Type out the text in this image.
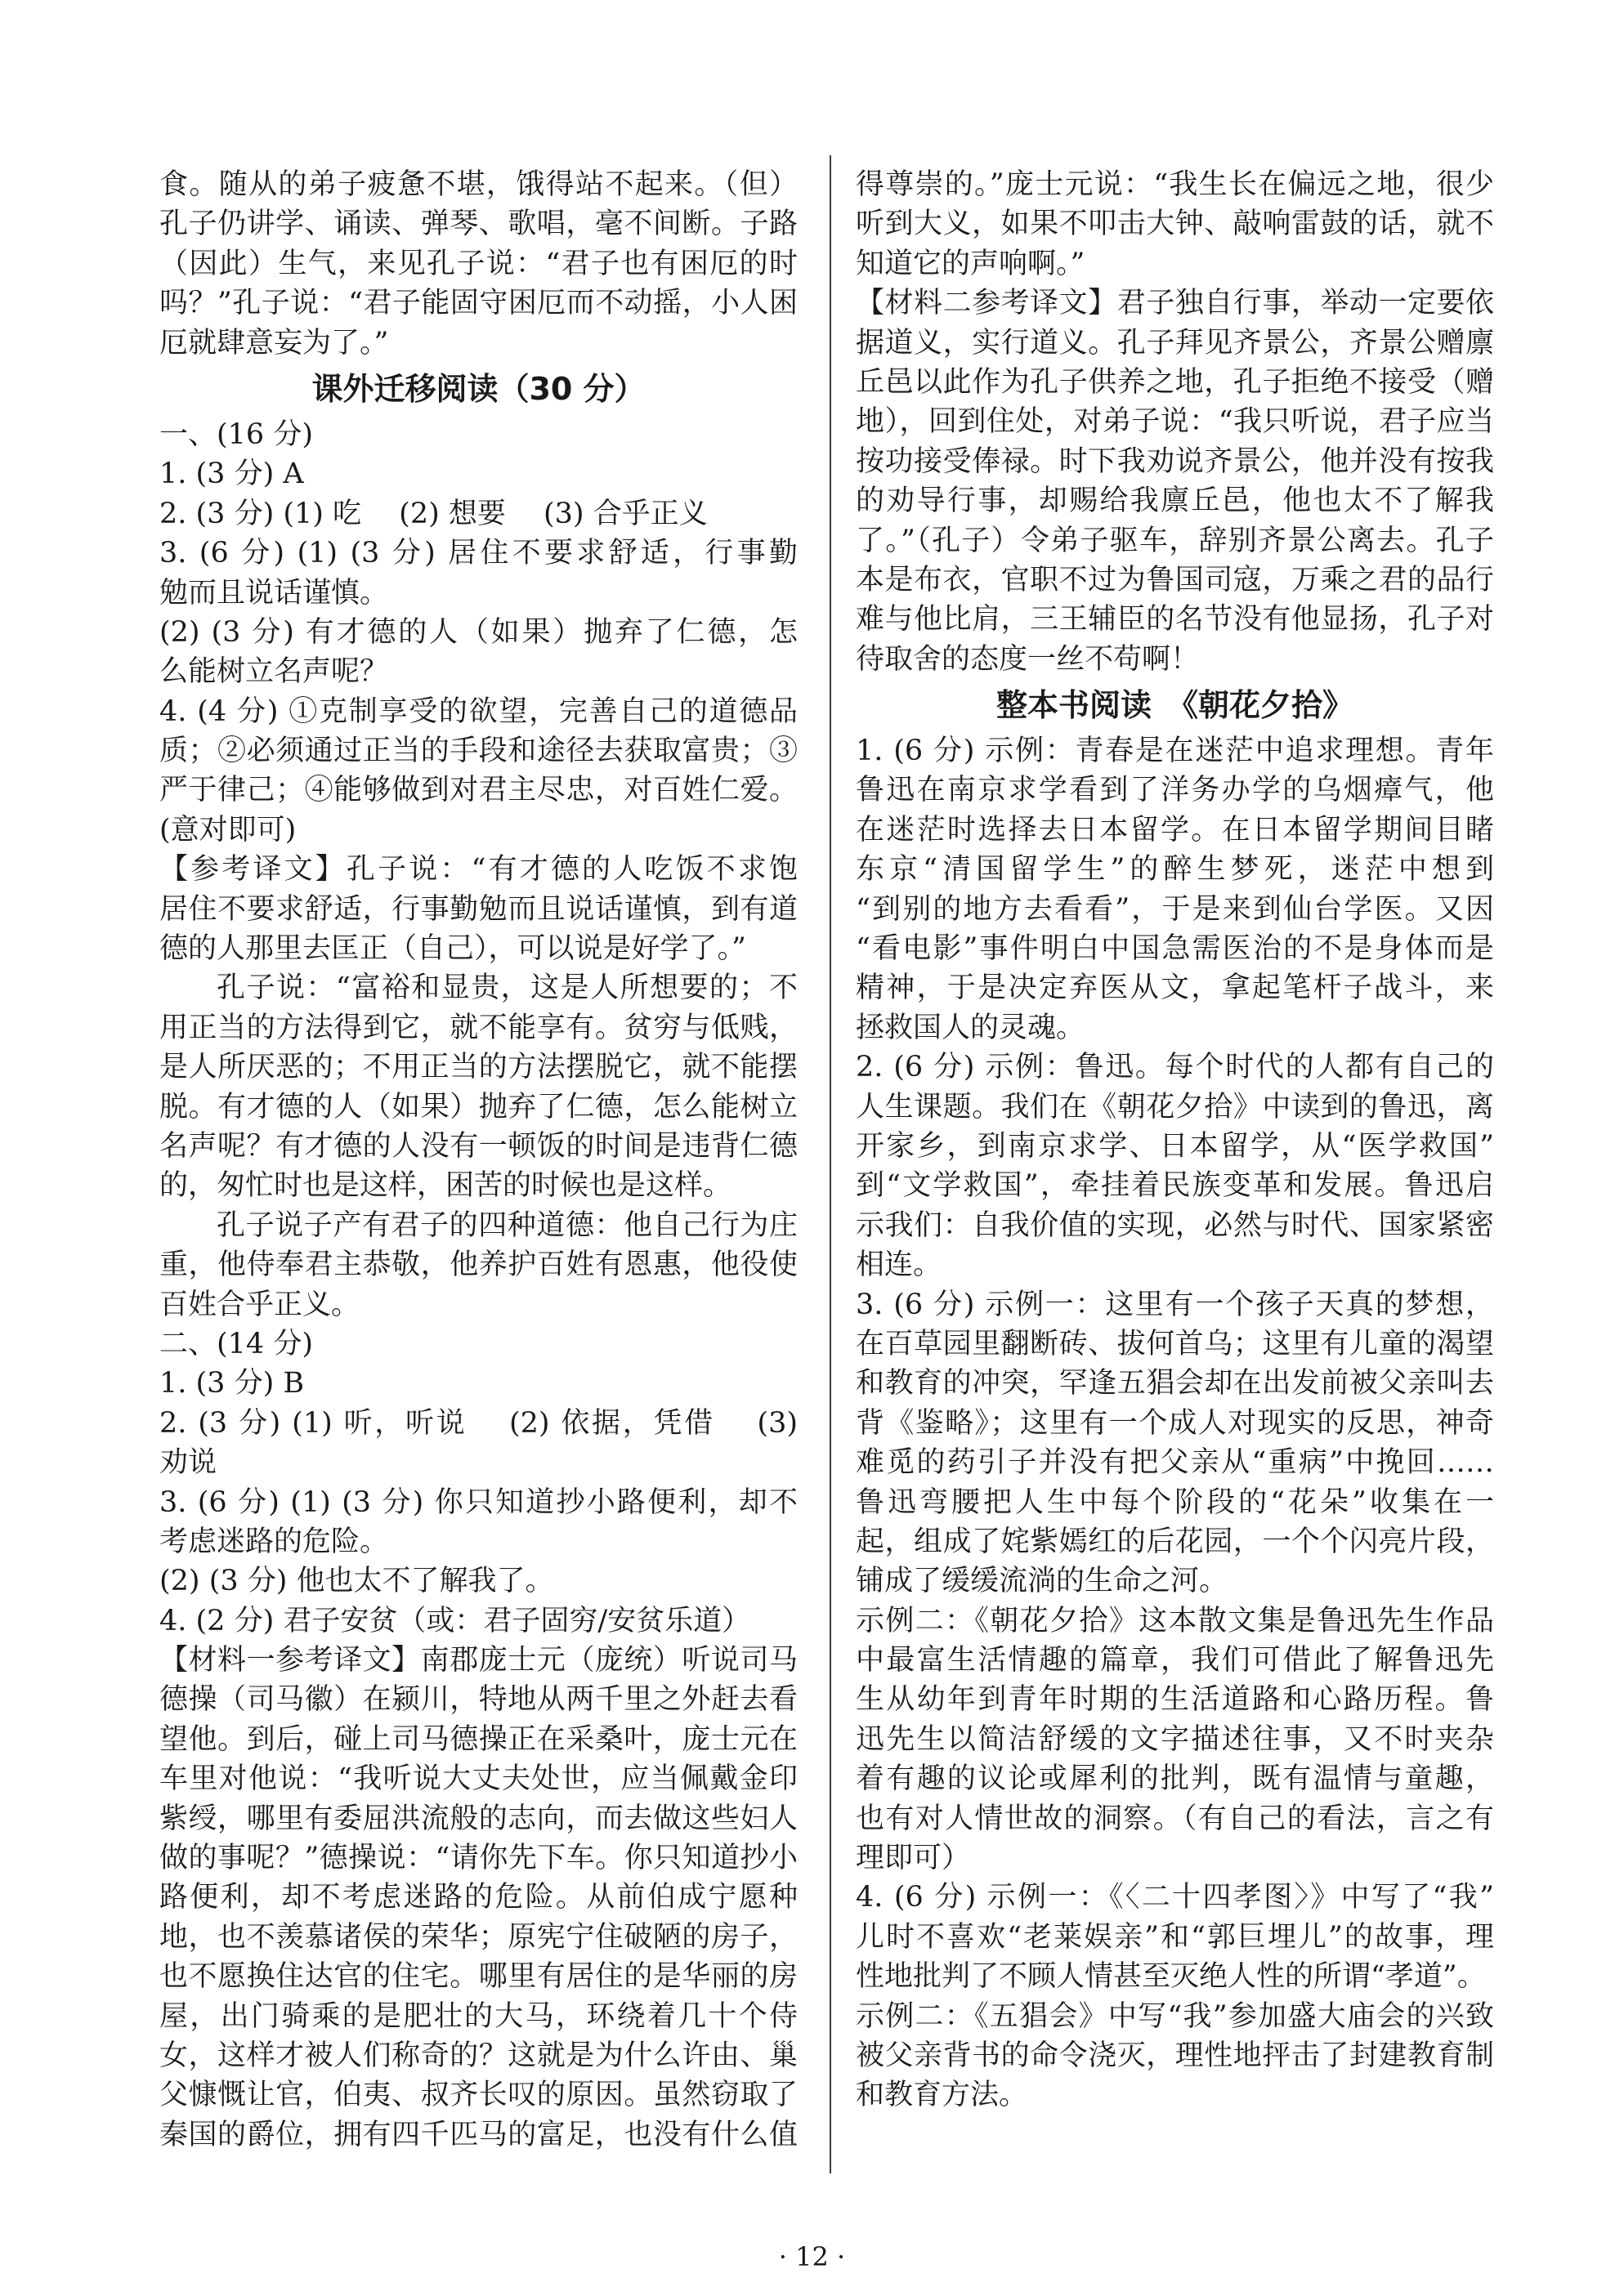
食。随从的弟子疲惫不堪，饿得站不起来。（但）
孔子仍讲学、诵读、弹琴、歌唱，毫不间断。子路
（因此）生气，来见孔子说：“君子也有困厄的时
吗？”孔子说：“君子能固守困厄而不动摇，小人困
厄就肆意妄为了。”
课外迁移阅读（30 分）
一、(16 分)
1. (3 分) A
2. (3 分) (1) 吃　 (2) 想要　 (3) 合乎正义
3. (6 分) (1) (3 分) 居住不要求舒适，行事勤
勉而且说话谨慎。
(2) (3 分) 有才德的人（如果）抛弃了仁德，怎
么能树立名声呢？
4. (4 分) ①克制享受的欲望，完善自己的道德品
质；②必须通过正当的手段和途径去获取富贵；③
严于律己；④能够做到对君主尽忠，对百姓仁爱。
(意对即可)
【参考译文】孔子说：“有才德的人吃饭不求饱
居住不要求舒适，行事勤勉而且说话谨慎，到有道
德的人那里去匡正（自己），可以说是好学了。”
孔子说：“富裕和显贵，这是人所想要的；不
用正当的方法得到它，就不能享有。贫穷与低贱，
是人所厌恶的；不用正当的方法摆脱它，就不能摆
脱。有才德的人（如果）抛弃了仁德，怎么能树立
名声呢？有才德的人没有一顿饭的时间是违背仁德
的，匆忙时也是这样，困苦的时候也是这样。
孔子说子产有君子的四种道德：他自己行为庄
重，他侍奉君主恭敬，他养护百姓有恩惠，他役使
百姓合乎正义。
二、(14 分)
1. (3 分) B
2. (3 分) (1) 听，听说　 (2) 依据，凭借　 (3)
劝说
3. (6 分) (1) (3 分) 你只知道抄小路便利，却不
考虑迷路的危险。
(2) (3 分) 他也太不了解我了。
4. (2 分) 君子安贫（或：君子固穷/安贫乐道）
【材料一参考译文】南郡庞士元（庞统）听说司马
德操（司马徽）在颍川，特地从两千里之外赶去看
望他。到后，碰上司马德操正在采桑叶，庞士元在
车里对他说：“我听说大丈夫处世，应当佩戴金印
紫绶，哪里有委屈洪流般的志向，而去做这些妇人
做的事呢？”德操说：“请你先下车。你只知道抄小
路便利，却不考虑迷路的危险。从前伯成宁愿种
地，也不羡慕诸侯的荣华；原宪宁住破陋的房子，
也不愿换住达官的住宅。哪里有居住的是华丽的房
屋，出门骑乘的是肥壮的大马，环绕着几十个侍
女，这样才被人们称奇的？这就是为什么许由、巢
父慷慨让官，伯夷、叔齐长叹的原因。虽然窃取了
秦国的爵位，拥有四千匹马的富足，也没有什么值
得尊崇的。”庞士元说：“我生长在偏远之地，很少
听到大义，如果不叩击大钟、敲响雷鼓的话，就不
知道它的声响啊。”
【材料二参考译文】君子独自行事，举动一定要依
据道义，实行道义。孔子拜见齐景公，齐景公赠廪
丘邑以此作为孔子供养之地，孔子拒绝不接受（赠
地），回到住处，对弟子说：“我只听说，君子应当
按功接受俸禄。时下我劝说齐景公，他并没有按我
的劝导行事，却赐给我廪丘邑，他也太不了解我
了。”（孔子）令弟子驱车，辞别齐景公离去。孔子
本是布衣，官职不过为鲁国司寇，万乘之君的品行
难与他比肩，三王辅臣的名节没有他显扬，孔子对
待取舍的态度一丝不苟啊！
整本书阅读　《朝花夕拾》
1. (6 分) 示例：青春是在迷茫中追求理想。青年
鲁迅在南京求学看到了洋务办学的乌烟瘴气，他
在迷茫时选择去日本留学。在日本留学期间目睹
东京“清国留学生”的醉生梦死，迷茫中想到
“到别的地方去看看”，于是来到仙台学医。又因
“看电影”事件明白中国急需医治的不是身体而是
精神，于是决定弃医从文，拿起笔杆子战斗，来
拯救国人的灵魂。
2. (6 分) 示例：鲁迅。每个时代的人都有自己的
人生课题。我们在《朝花夕拾》中读到的鲁迅，离
开家乡，到南京求学、日本留学，从“医学救国”
到“文学救国”，牵挂着民族变革和发展。鲁迅启
示我们：自我价值的实现，必然与时代、国家紧密
相连。
3. (6 分) 示例一：这里有一个孩子天真的梦想，
在百草园里翻断砖、拔何首乌；这里有儿童的渴望
和教育的冲突，罕逢五猖会却在出发前被父亲叫去
背《鉴略》；这里有一个成人对现实的反思，神奇
难觅的药引子并没有把父亲从“重病”中挽回……
鲁迅弯腰把人生中每个阶段的“花朵”收集在一
起，组成了姹紫嫣红的后花园，一个个闪亮片段，
铺成了缓缓流淌的生命之河。
示例二：《朝花夕拾》这本散文集是鲁迅先生作品
中最富生活情趣的篇章，我们可借此了解鲁迅先
生从幼年到青年时期的生活道路和心路历程。鲁
迅先生以简洁舒缓的文字描述往事，又不时夹杂
着有趣的议论或犀利的批判，既有温情与童趣，
也有对人情世故的洞察。（有自己的看法，言之有
理即可）
4. (6 分) 示例一：《〈二十四孝图〉》中写了“我”
儿时不喜欢“老莱娱亲”和“郭巨埋儿”的故事，理
性地批判了不顾人情甚至灭绝人性的所谓“孝道”。
示例二：《五猖会》中写“我”参加盛大庙会的兴致
被父亲背书的命令浇灭，理性地抨击了封建教育制
和教育方法。
· 12 ·
